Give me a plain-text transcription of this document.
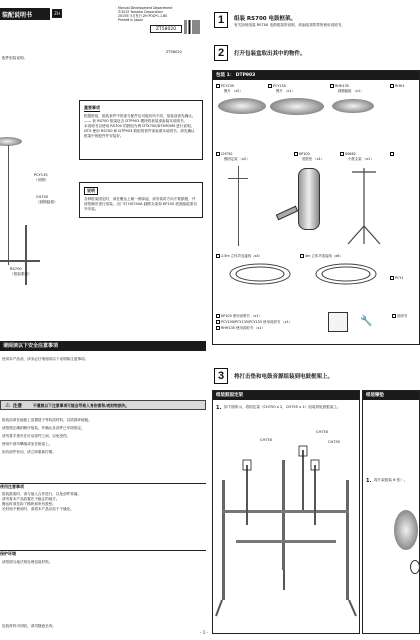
装配说明书	ZH
Manual Development Department
©2015 Yamaha Corporation
2015年 5月发行 ZH POD*1.1-B0
Printed in Japan
ZT58020
配件组装说明。
PCY135
（吊镲）
CH750
（踩镲踏板）
RS700
（框架系统）
重要事项
根据鼓组，组装套件中的部分配件也可能有所不同，组装前请先确认。—— 套 RS700 框架包含 DTP903 模块的套装请参阅本说明书。
本说明书以使用 RS700 的鼓组为例 DTX700/DTX900M 进行说明。
DTX 使用 RS700 和 DTP903 鼓组的套件请参照本说明书，请先确认框架中的配件并安装好。
说明
各种框架固定时，请在搬运上缘一侧拿起，请安装时方向不要搞错，并请按顺序进行组装。出厂时 HS740A 踩镲支架和 KP100 底鼓踏板需另外安装。
请阅读以下安全注意事项
使用本产品前，请务必仔细阅读以下说明和注意事项。
⚠ 注意	不遵照以下注意事项可能会导致人身伤害和/或财物损失。
组装前请在地板上放置毯子等软质材料，以防损坏地板。
请按照正确的顺序组装，并确认各部件已牢固固定。
请勿将手指夹在可动部件之间，以免受伤。
使用中请勿攀爬或坐在框架上。
如有部件松动，请立即重新拧紧。
使用注意事项
组装鼓架时，请与他人合作进行，以免部件掉落。
请勿将本产品放置在不稳定的地方。
搬运时请先拆下模块和所有鼓垫。
长时间不使用时，请将本产品存放于干燥处。
保护环境
请按照当地法规处理包装材料。
包装材料可回收，请勿随意丢弃。
ZT58020
1	组装 RS700 电鼓框架。
有关如何组装 RS700 电鼓框架的说明，请参阅其附带的使用说明书。
2	打开包装盒取出其中的物件。
包装 1： DTP903
PCY135
镲片 （x2）
PCY155
镲片 （x1）
RHH135
踩镲踏板 （x1）
RHH1
CH750
镲固定架 （x2）
KP100
底鼓垫 （x1）
SS662
小鼓支架 （x1）
2.5m 立体声连接线（x4）	4m 立体声连接线（x6）
PCY1
KP100 使用说明书 （x1）
PCY100/PCY135/PCY155 使用说明书 （x1）
RHH135 使用说明书 （x1）
🔧	说明书
3	将打击垫和电鼓音源组装到电鼓框架上。
组装鼓固定架
1. 如下图所示，将固定架（CH750 x 2，CH755 x 1）组装到电鼓框架上。
CH750
CH750
CH755
组装镲垫
1. 将片架组装 6 张）。
- 1 -
